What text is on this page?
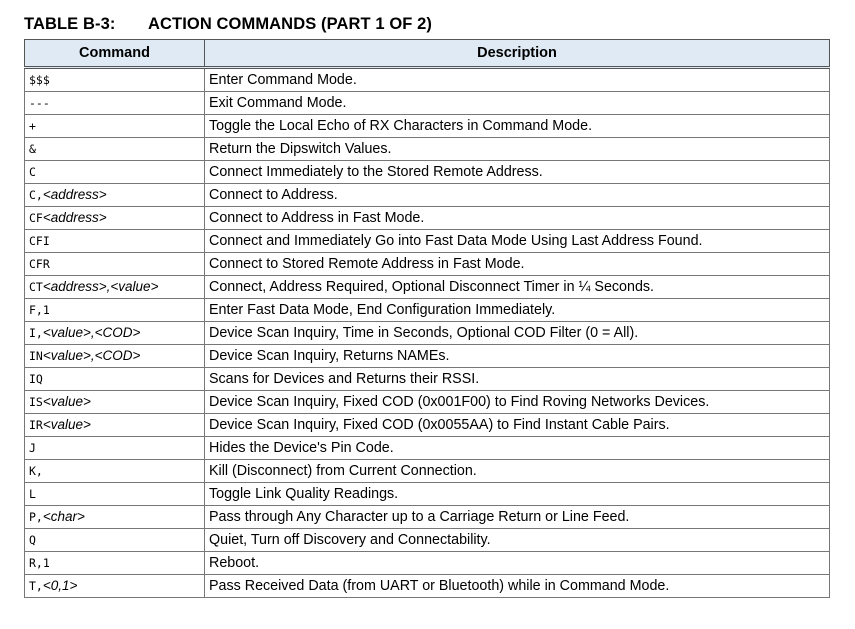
TABLE B-3: ACTION COMMANDS (PART 1 OF 2)
Command	Description
$$$	Enter Command Mode.
---	Exit Command Mode.
+	Toggle the Local Echo of RX Characters in Command Mode.
&	Return the Dipswitch Values.
C	Connect Immediately to the Stored Remote Address.
C,<address>	Connect to Address.
CF<address>	Connect to Address in Fast Mode.
CFI	Connect and Immediately Go into Fast Data Mode Using Last Address Found.
CFR	Connect to Stored Remote Address in Fast Mode.
CT<address>,<value>	Connect, Address Required, Optional Disconnect Timer in ¼ Seconds.
F,1	Enter Fast Data Mode, End Configuration Immediately.
I,<value>,<COD>	Device Scan Inquiry, Time in Seconds, Optional COD Filter (0 = All).
IN<value>,<COD>	Device Scan Inquiry, Returns NAMEs.
IQ	Scans for Devices and Returns their RSSI.
IS<value>	Device Scan Inquiry, Fixed COD (0x001F00) to Find Roving Networks Devices.
IR<value>	Device Scan Inquiry, Fixed COD (0x0055AA) to Find Instant Cable Pairs.
J	Hides the Device's Pin Code.
K,	Kill (Disconnect) from Current Connection.
L	Toggle Link Quality Readings.
P,<char>	Pass through Any Character up to a Carriage Return or Line Feed.
Q	Quiet, Turn off Discovery and Connectability.
R,1	Reboot.
T,<0,1>	Pass Received Data (from UART or Bluetooth) while in Command Mode.
